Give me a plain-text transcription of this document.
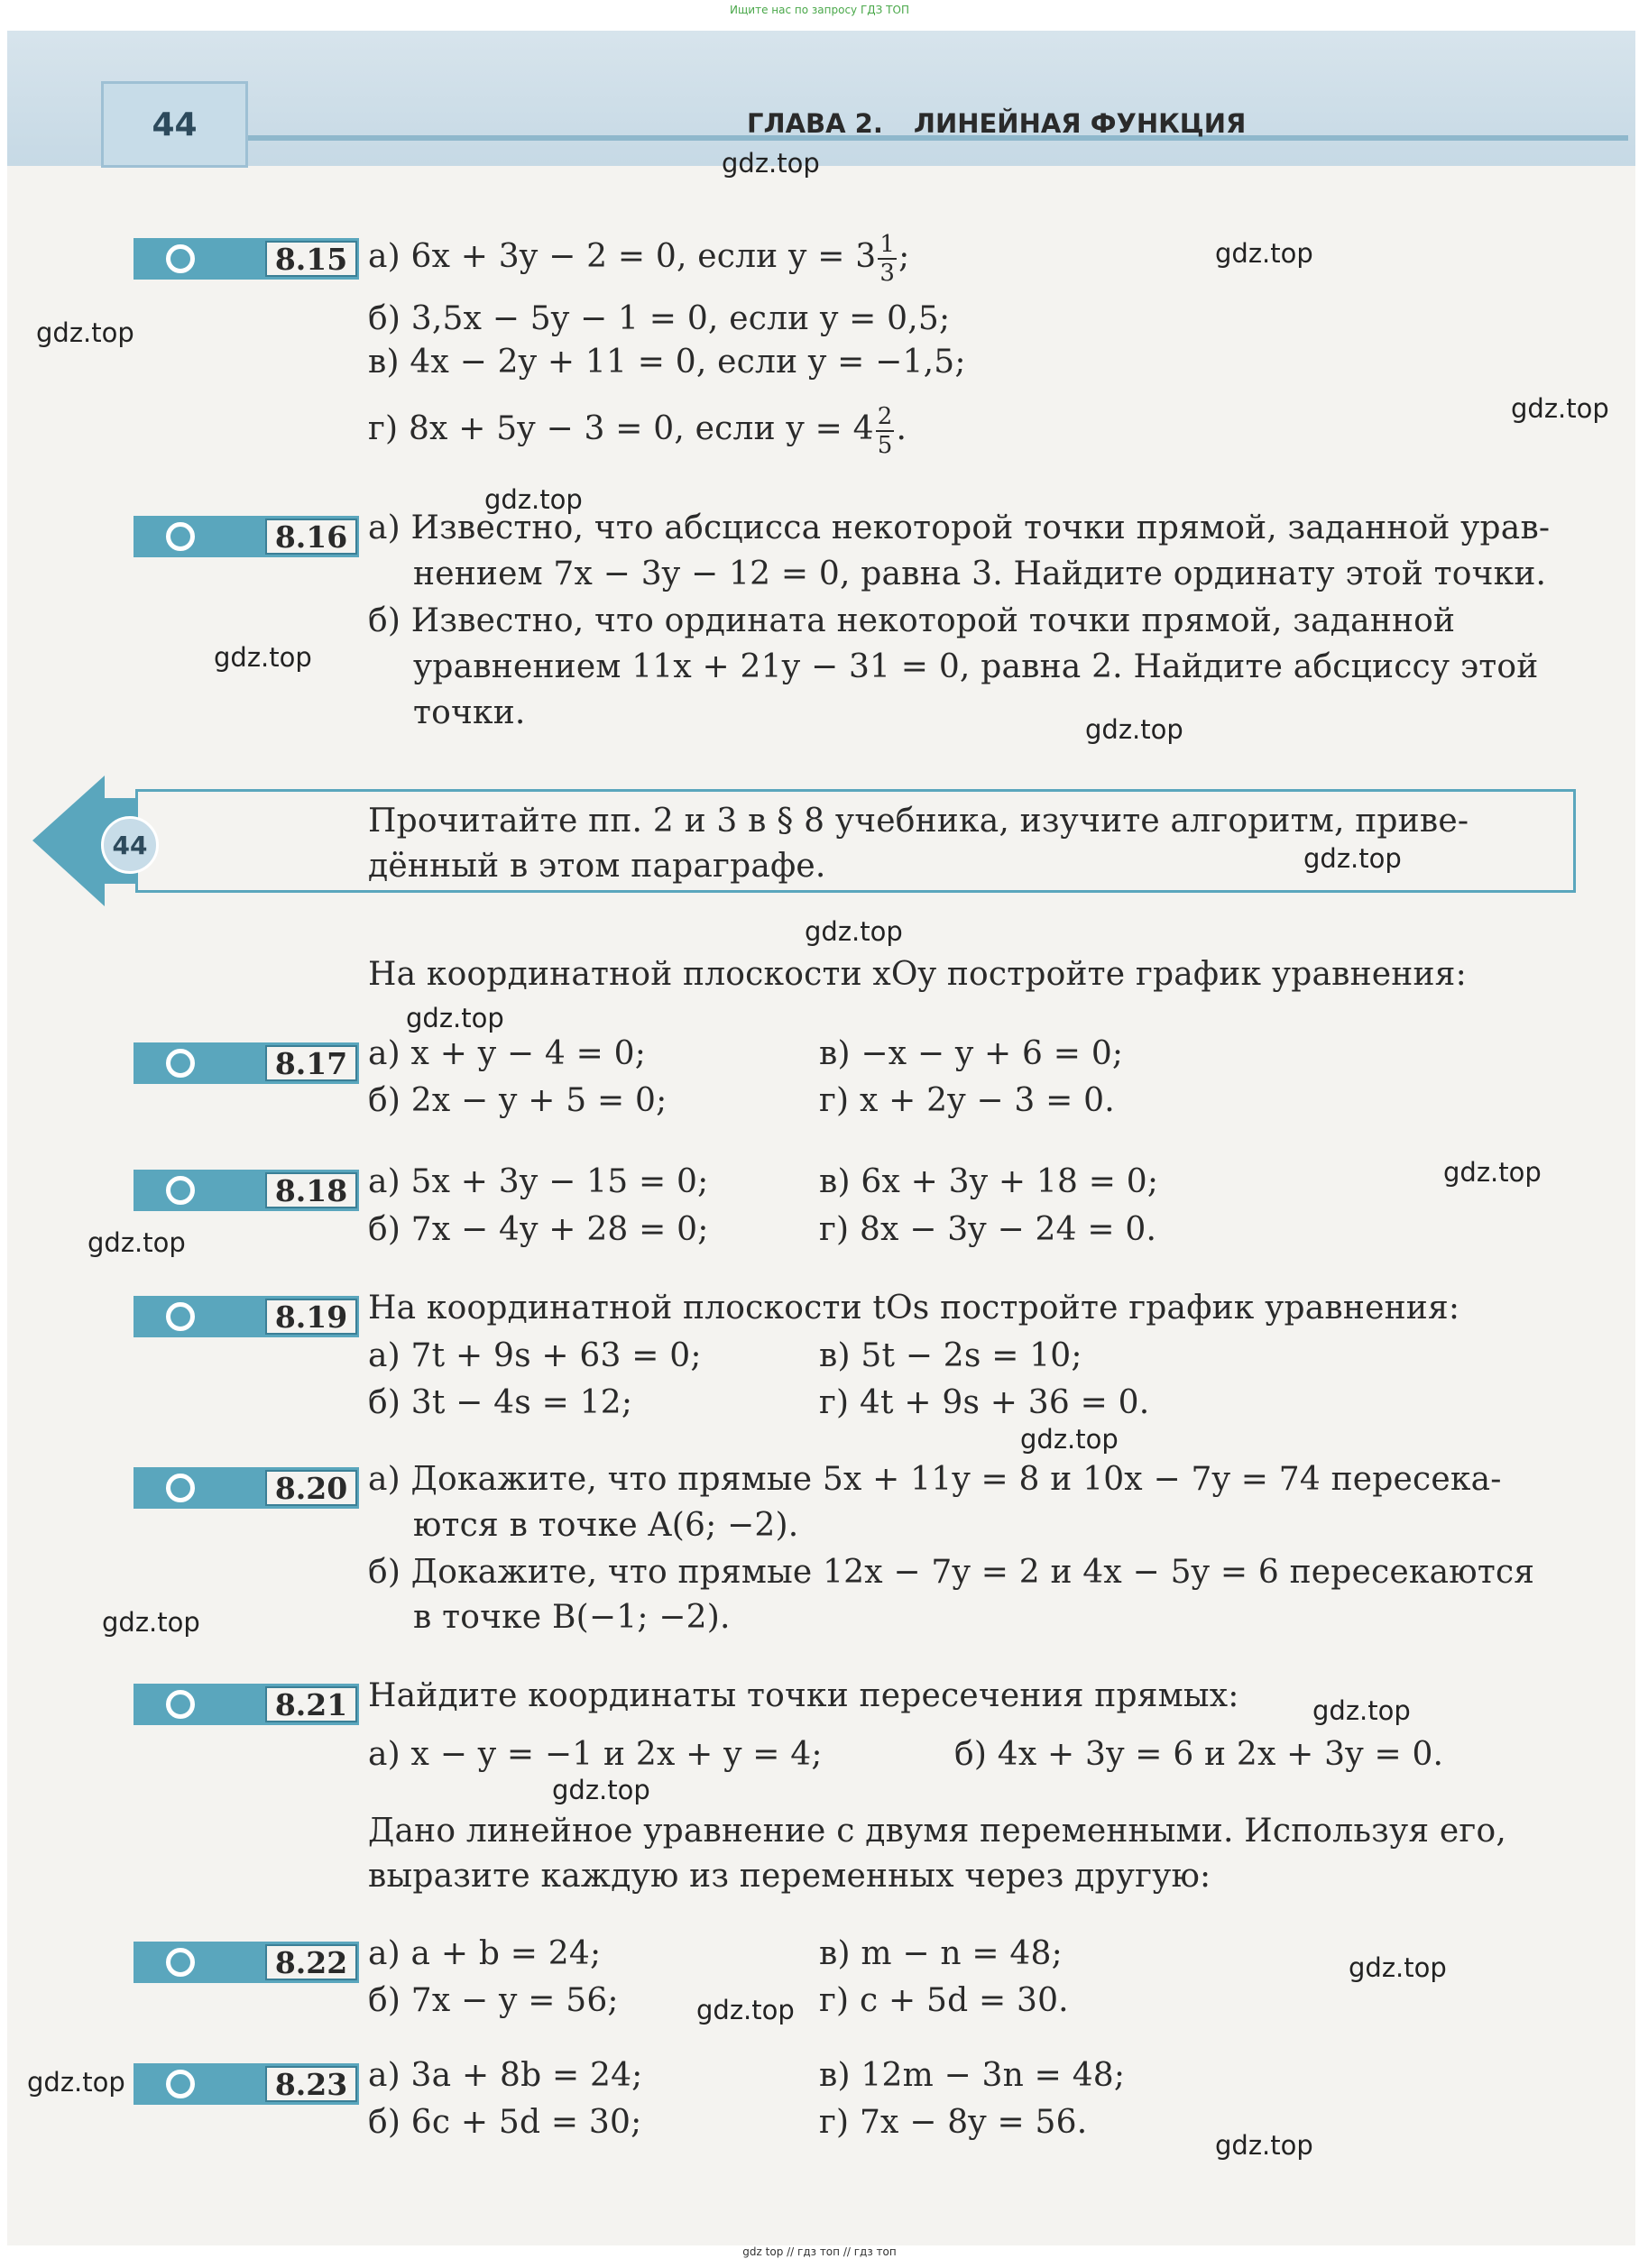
Ищите нас по запросу ГДЗ ТОП
44	ГЛАВА 2. ЛИНЕЙНАЯ ФУНКЦИЯ
8.15 а) 6x + 3y − 2 = 0, если $y = 3 \frac{1}{3}$ ;
б) 3,5x − 5y − 1 = 0, если y = 0,5;
в) 4x − 2y + 11 = 0, если y = −1,5;
г) 8x + 5y − 3 = 0, если $y = 4 \frac{2}{5}$ .
8.16 а) Известно, что абсцисса некоторой точки прямой, заданной урав-
нением 7x − 3y − 12 = 0, равна 3. Найдите ординату этой точки.
б) Известно, что ордината некоторой точки прямой, заданной
уравнением 11x + 21y − 31 = 0, равна 2. Найдите абсциссу этой
точки.
44
Прочитайте пп. 2 и 3 в § 8 учебника, изучите алгоритм, приве-
дённый в этом параграфе.
На координатной плоскости xOy постройте график уравнения:
8.17 а) x + y − 4 = 0;	в) −x − y + 6 = 0;
б) 2x − y + 5 = 0;	г) x + 2y − 3 = 0.
8.18 а) 5x + 3y − 15 = 0;	в) 6x + 3y + 18 = 0;
б) 7x − 4y + 28 = 0;	г) 8x − 3y − 24 = 0.
8.19 На координатной плоскости tOs постройте график уравнения:
а) 7t + 9s + 63 = 0;	в) 5t − 2s = 10;
б) 3t − 4s = 12;	г) 4t + 9s + 36 = 0.
8.20 а) Докажите, что прямые 5x + 11y = 8 и 10x − 7y = 74 пересека-
ются в точке A(6; −2).
б) Докажите, что прямые 12x − 7y = 2 и 4x − 5y = 6 пересекаются
в точке B(−1; −2).
8.21 Найдите координаты точки пересечения прямых:
а) x − y = −1 и 2x + y = 4;	б) 4x + 3y = 6 и 2x + 3y = 0.
Дано линейное уравнение с двумя переменными. Используя его,
выразите каждую из переменных через другую:
8.22 а) a + b = 24;	в) m − n = 48;
б) 7x − y = 56;	г) c + 5d = 30.
8.23 а) 3a + 8b = 24;	в) 12m − 3n = 48;
б) 6c + 5d = 30;	г) 7x − 8y = 56.
gdz.top
gdz.top
gdz.top
gdz.top
gdz.top
gdz.top
gdz.top
gdz.top
gdz.top
gdz.top
gdz.top
gdz.top
gdz.top
gdz.top
gdz.top
gdz.top
gdz.top
gdz.top
gdz.top
gdz.top
gdz top // гдз топ // гдз топ
